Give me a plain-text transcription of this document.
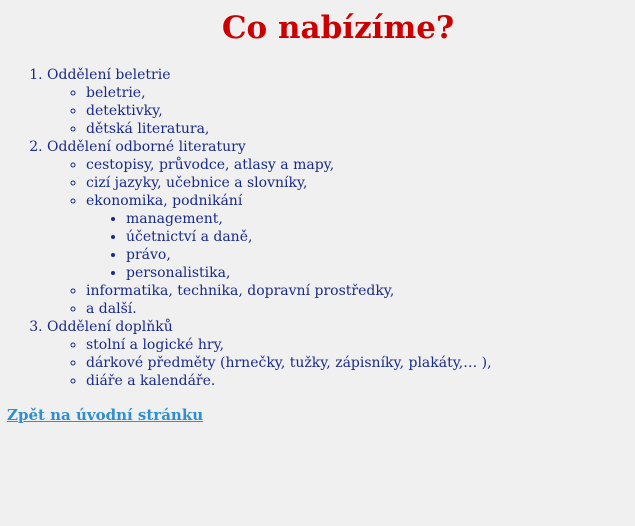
Co nabízíme?
1. Oddělení beletrie
◦ beletrie,
◦ detektivky,
◦ dětská literatura,
2. Oddělení odborné literatury
◦ cestopisy, průvodce, atlasy a mapy,
◦ cizí jazyky, učebnice a slovníky,
◦ ekonomika, podnikání
• management,
• účetnictví a daně,
• právo,
• personalistika,
◦ informatika, technika, dopravní prostředky,
◦ a další.
3. Oddělení doplňků
◦ stolní a logické hry,
◦ dárkové předměty (hrnečky, tužky, zápisníky, plakáty,… ),
◦ diáře a kalendáře.
Zpět na úvodní stránku
